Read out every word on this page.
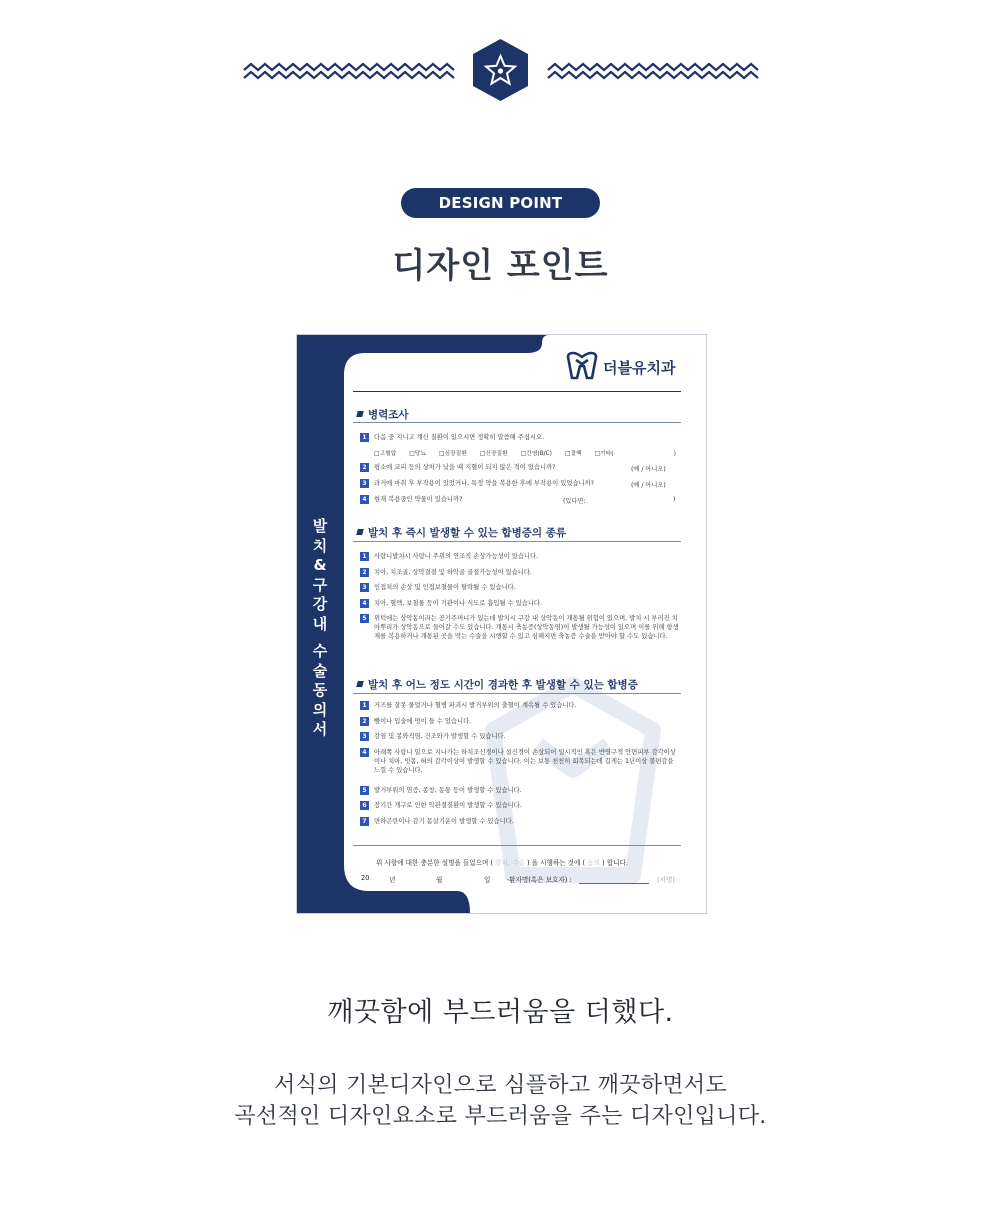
DESIGN POINT
디자인 포인트
발
치
&
구
강
내
수
술
동
의
서
더블유치과
병력조사
1 다음 중 지니고 계신 질환이 있으시면 정확히 말씀해 주십시오.
□고혈압 □당뇨 □심장질환 □신장질환 □간염(B/C) □결핵 □기타(	)
2 평소에 코피 등의 상처가 났을 때 지혈이 되지 않은 적이 있습니까?	(예 / 아니오)
3 과거에 마취 후 부작용이 있었거나, 특정 약을 복용한 후에 부작용이 있었습니까?	(예 / 아니오)
4 현재 복용중인 약물이 있습니까?	(있다면:	)
발치 후 즉시 발생할 수 있는 합병증의 종류
1	사랑니발치시 사랑니 주위의 연조직 손상가능성이 있습니다.
2	치아, 치조골, 상악결절 및 하악골 골절가능성이 있습니다.
3	인접치의 손상 및 인접보철물이 탈락될 수 있습니다.
4	치아, 혈액, 보철물 등이 기관이나 식도로 흡입될 수 있습니다.
5	위턱에는 상악동이라는 공기주머니가 있는데 발치시 구강 내 상악동이 개통될 위험이 있으며, 발치 시 부러진 치아뿌리가 상악동으로 들어갈 수도 있습니다. 개통시 축농증(상악동염)이 발생될 가능성이 있으며 이를 위해 항생제를 복용하거나 개통된 곳을 막는 수술을 시행할 수 있고 심해지면 축농증 수술을 받아야 할 수도 있습니다.
발치 후 어느 정도 시간이 경과한 후 발생할 수 있는 합병증
1	거즈를 잘못 물었거나 혈병 파괴시 발거부위의 출혈이 계속될 수 있습니다.
2	뺨이나 입술에 멍이 들 수 있습니다.
3	감염 및 봉와직염, 건조와가 발생할 수 있습니다.
4	아래쪽 사랑니 밑으로 지나가는 하치조신경이나 설신경이 손상되어 일시적인 혹은 반영구적 안면피부 감각이상이나 치아, 잇몸, 혀의 감각이상이 발생할 수 있습니다. 이는 보통 천천히 회복되는데 길게는 1년이상 불편감을 느낄 수 있습니다.
5	발거부위의 염증, 종창, 동통 등이 발생할 수 있습니다.
6	장기간 개구로 인한 악관절질환이 발생할 수 있습니다.
7	면하곤란이나 감기 몸살기운이 발생할 수 있습니다.
위 사항에 대한 충분한 설명을 들었으며 ( 발치, 수술 ) 을 시행하는 것에 ( 동의 ) 합니다.
20	년	월	일	·환자명(혹은 보호자) :	(서명)
깨끗함에 부드러움을 더했다.
서식의 기본디자인으로 심플하고 깨끗하면서도
곡선적인 디자인요소로 부드러움을 주는 디자인입니다.
